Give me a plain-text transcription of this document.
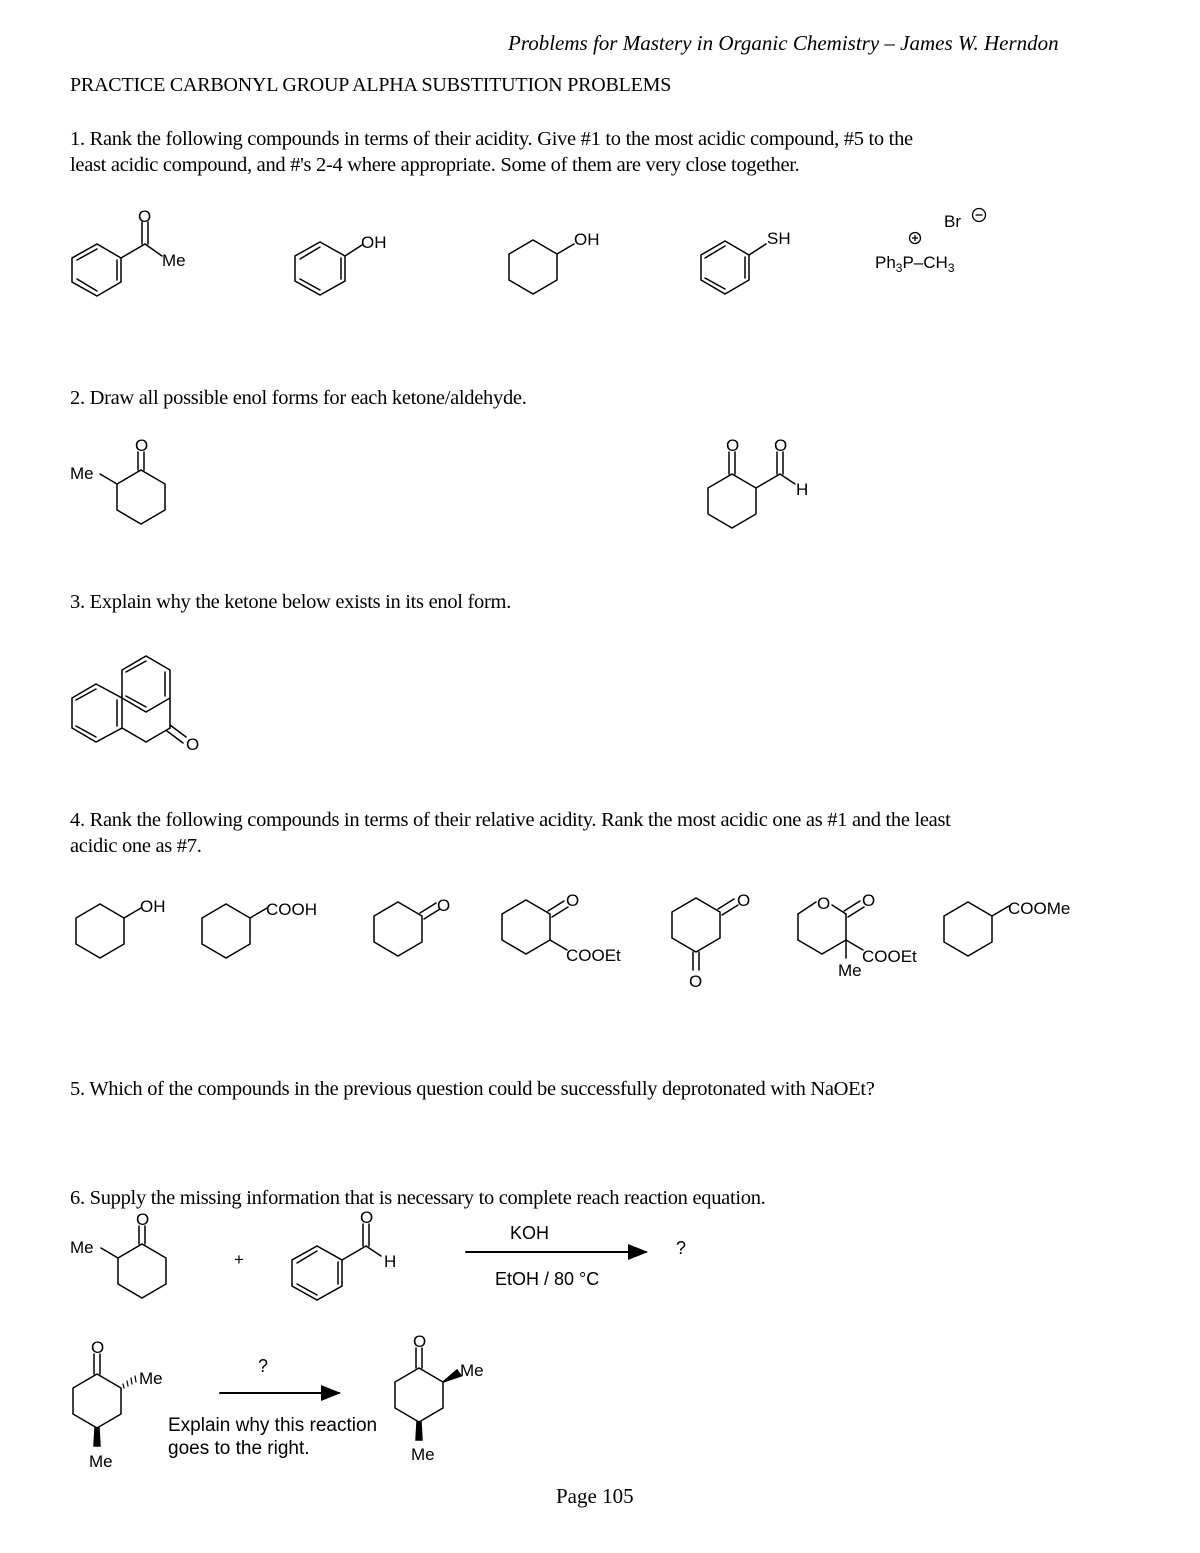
Problems for Mastery in Organic Chemistry – James W. Herndon
PRACTICE CARBONYL GROUP ALPHA SUBSTITUTION PROBLEMS
1. Rank the following compounds in terms of their acidity. Give #1 to the most acidic compound, #5 to the
least acidic compound, and #'s 2-4 where appropriate. Some of them are very close together.
2. Draw all possible enol forms for each ketone/aldehyde.
3. Explain why the ketone below exists in its enol form.
4. Rank the following compounds in terms of their relative acidity. Rank the most acidic one as #1 and the least
acidic one as #7.
5. Which of the compounds in the previous question could be successfully deprotonated with NaOEt?
6. Supply the missing information that is necessary to complete reach reaction equation.
Page 105
O
Me
OH	OH	SH
Br
$Ph_3P-CH_3$
O
Me
O O
H
O
OH	COOH	O	O
COOEt
O
O
O O
COOEt
Me
COOMe
O
Me
+
O
H
KOH
EtOH / 80 °C
?
O
Me
Me
?
Explain why this reaction
goes to the right.
O
Me
Me
